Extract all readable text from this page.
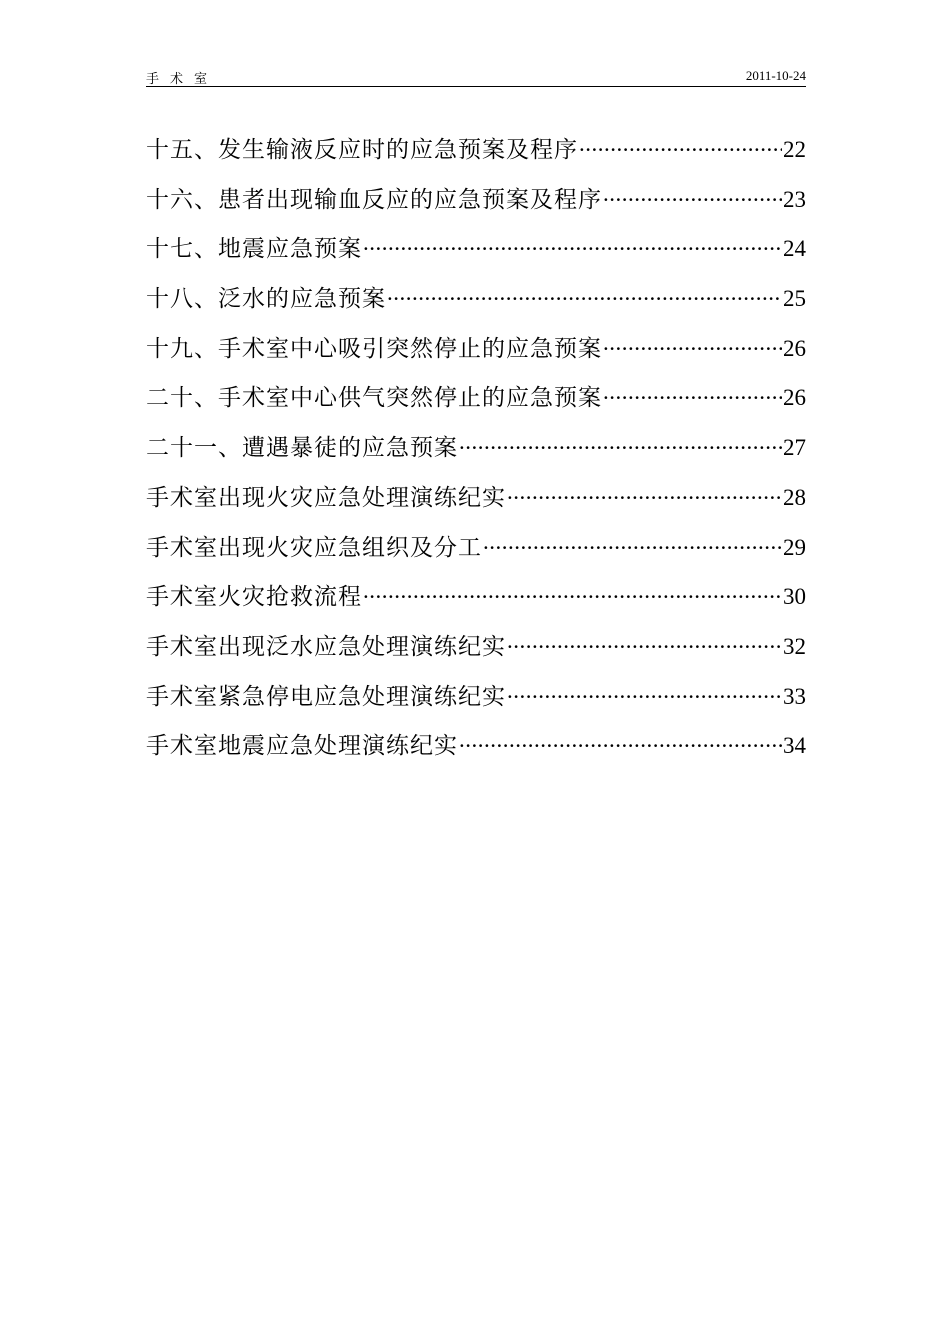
手术室	2011-10-24
十五、发生输液反应时的应急预案及程序 .....	22
十六、患者出现输血反应的应急预案及程序 .....	23
十七、地震应急预案 .....	24
十八、泛水的应急预案 .....	25
十九、手术室中心吸引突然停止的应急预案 .....	26
二十、手术室中心供气突然停止的应急预案 .....	26
二十一、遭遇暴徒的应急预案 .....	27
手术室出现火灾应急处理演练纪实 .....	28
手术室出现火灾应急组织及分工 .....	29
手术室火灾抢救流程 .....	30
手术室出现泛水应急处理演练纪实 .....	32
手术室紧急停电应急处理演练纪实 .....	33
手术室地震应急处理演练纪实 .....	34
